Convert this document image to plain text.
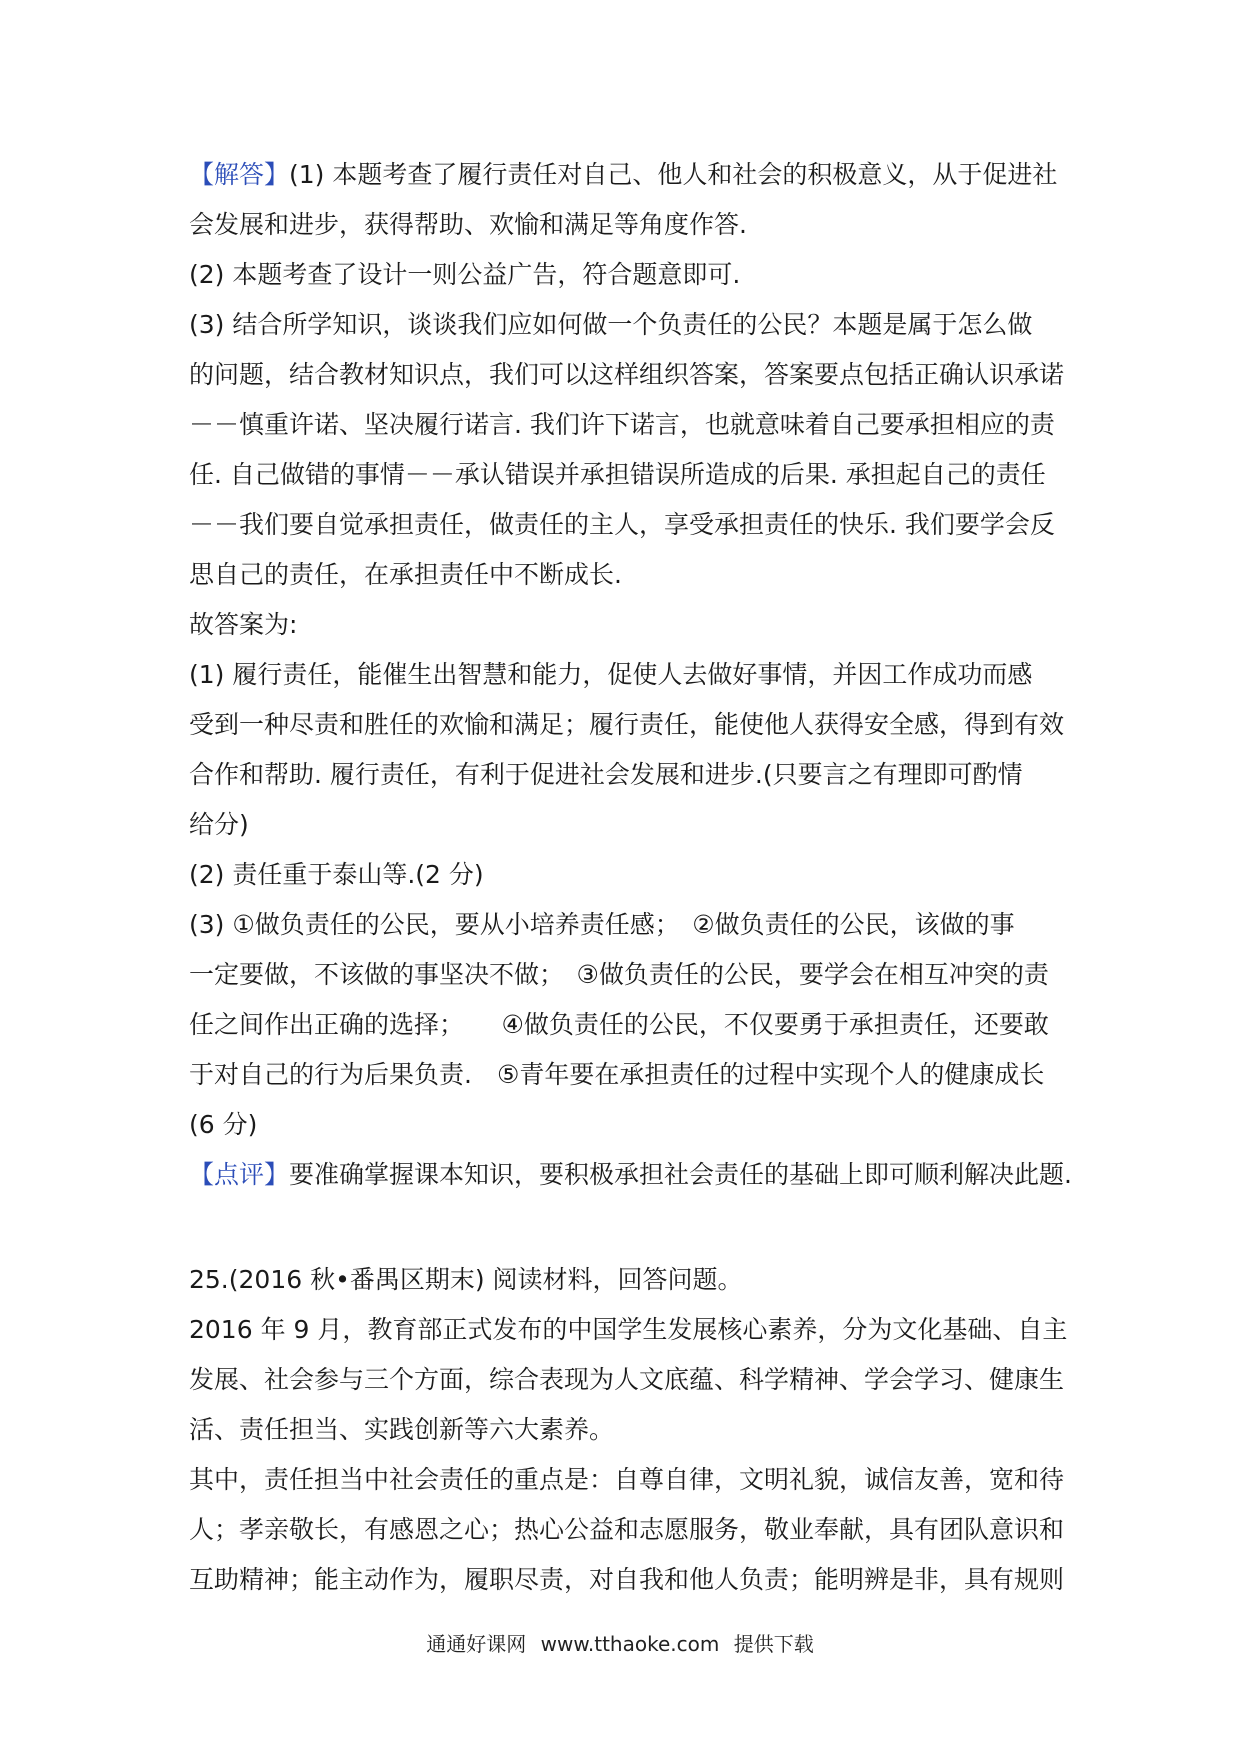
【解答】(1) 本题考查了履行责任对自己、他人和社会的积极意义，从于促进社
会发展和进步，获得帮助、欢愉和满足等角度作答.
(2) 本题考查了设计一则公益广告，符合题意即可.
(3) 结合所学知识，谈谈我们应如何做一个负责任的公民？本题是属于怎么做
的问题，结合教材知识点，我们可以这样组织答案，答案要点包括正确认识承诺
－－慎重许诺、坚决履行诺言. 我们许下诺言，也就意味着自己要承担相应的责
任. 自己做错的事情－－承认错误并承担错误所造成的后果. 承担起自己的责任
－－我们要自觉承担责任，做责任的主人，享受承担责任的快乐. 我们要学会反
思自己的责任，在承担责任中不断成长.
故答案为:
(1) 履行责任，能催生出智慧和能力，促使人去做好事情，并因工作成功而感
受到一种尽责和胜任的欢愉和满足；履行责任，能使他人获得安全感，得到有效
合作和帮助. 履行责任，有利于促进社会发展和进步.(只要言之有理即可酌情
给分)
(2) 责任重于泰山等.(2 分)
(3) ①做负责任的公民，要从小培养责任感；　②做负责任的公民，该做的事
一定要做，不该做的事坚决不做；　③做负责任的公民，要学会在相互冲突的责
任之间作出正确的选择；　　④做负责任的公民，不仅要勇于承担责任，还要敢
于对自己的行为后果负责.　⑤青年要在承担责任的过程中实现个人的健康成长
(6 分)
【点评】要准确掌握课本知识，要积极承担社会责任的基础上即可顺利解决此题.
25.(2016 秋•番禺区期末) 阅读材料，回答问题。
2016 年 9 月，教育部正式发布的中国学生发展核心素养，分为文化基础、自主
发展、社会参与三个方面，综合表现为人文底蕴、科学精神、学会学习、健康生
活、责任担当、实践创新等六大素养。
其中，责任担当中社会责任的重点是：自尊自律，文明礼貌，诚信友善，宽和待
人；孝亲敬长，有感恩之心；热心公益和志愿服务，敬业奉献，具有团队意识和
互助精神；能主动作为，履职尽责，对自我和他人负责；能明辨是非，具有规则
通通好课网 www.tthaoke.com 提供下载
